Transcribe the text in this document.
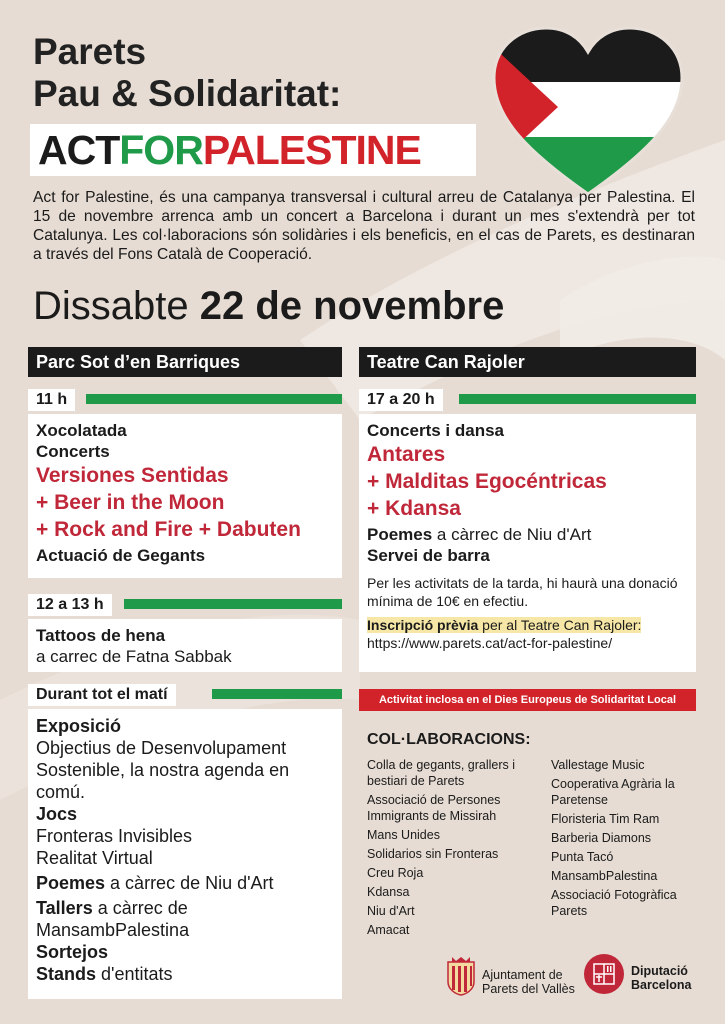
Parets
Pau & Solidaritat:
ACTFORPALESTINE
Act for Palestine, és una campanya transversal i cultural arreu de Catalanya per Palestina. El 15 de novembre arrenca amb un concert a Barcelona i durant un mes s'extendrà per tot Catalunya. Les col·laboracions són solidàries i els beneficis, en el cas de Parets, es destinaran a través del Fons Català de Cooperació.
Dissabte 22 de novembre
Parc Sot d’en Barriques
11 h
Xocolatada
Concerts
Versiones Sentidas
+ Beer in the Moon
+ Rock and Fire + Dabuten
Actuació de Gegants
12 a 13 h
Tattoos de hena
a carrec de Fatna Sabbak
Durant tot el matí
Exposició
Objectius de Desenvolupament Sostenible, la nostra agenda en comú.
Jocs
Fronteras Invisibles
Realitat Virtual
Poemes a càrrec de Niu d'Art
Tallers a càrrec de
MansambPalestina
Sortejos
Stands d'entitats
Teatre Can Rajoler
17 a 20 h
Concerts i dansa
Antares
+ Malditas Egocéntricas
+ Kdansa
Poemes a càrrec de Niu d'Art
Servei de barra
Per les activitats de la tarda, hi haurà una donació mínima de 10€ en efectiu.
Inscripció prèvia per al Teatre Can Rajoler:
https://www.parets.cat/act-for-palestine/
Activitat inclosa en el Dies Europeus de Solidaritat Local
COL·LABORACIONS:
Colla de gegants, grallers i bestiari de Parets
Associació de Persones Immigrants de Missirah
Mans Unides
Solidarios sin Fronteras
Creu Roja
Kdansa
Niu d'Art
Amacat
Vallestage Music
Cooperativa Agrària la Paretense
Floristeria Tim Ram
Barberia Diamons
Punta Tacó
MansambPalestina
Associació Fotogràfica Parets
Ajuntament de
Parets del Vallès
Diputació
Barcelona
